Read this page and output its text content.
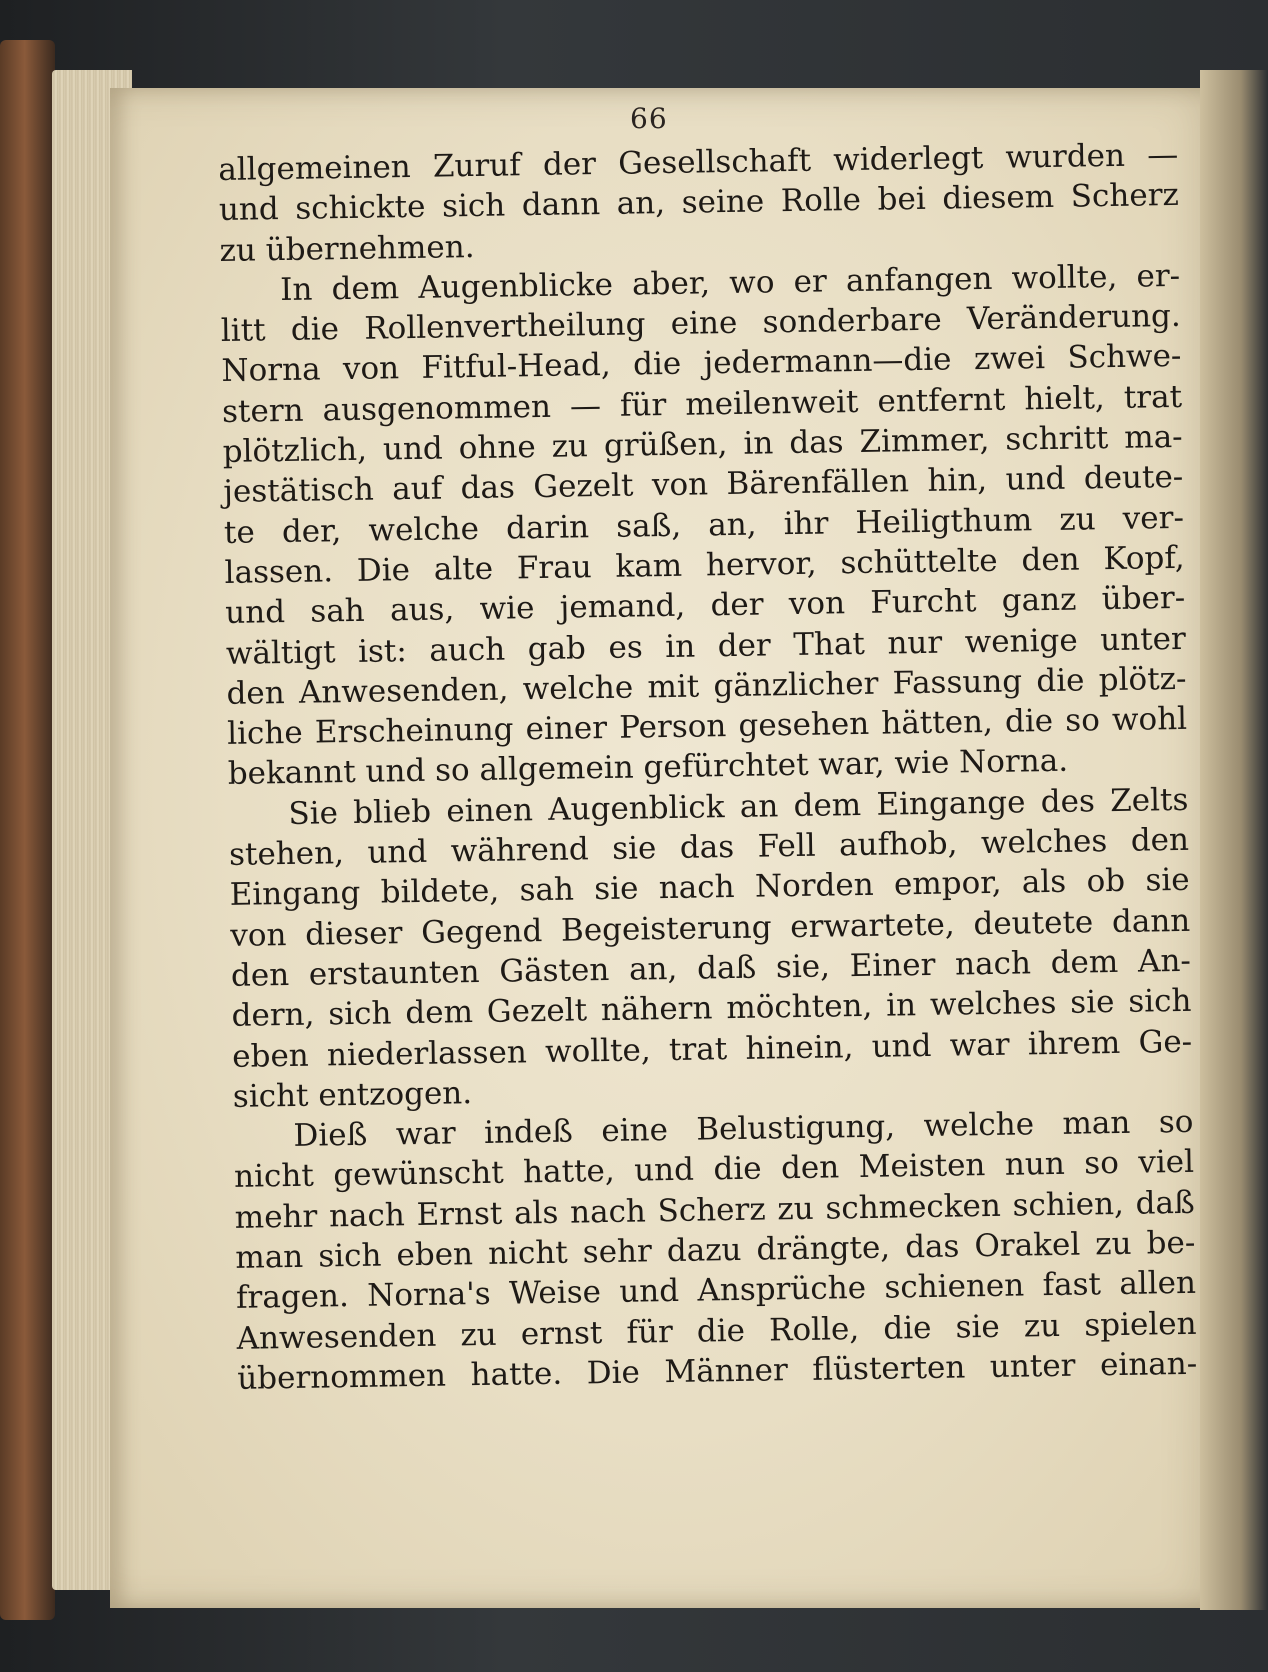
66
allgemeinen Zuruf der Gesellschaft widerlegt wurden —
und schickte sich dann an, seine Rolle bei diesem Scherz
zu übernehmen.
In dem Augenblicke aber, wo er anfangen wollte, er-
litt die Rollenvertheilung eine sonderbare Veränderung.
Norna von Fitful-Head, die jedermann—die zwei Schwe-
stern ausgenommen — für meilenweit entfernt hielt, trat
plötzlich, und ohne zu grüßen, in das Zimmer, schritt ma-
jestätisch auf das Gezelt von Bärenfällen hin, und deute-
te der, welche darin saß, an, ihr Heiligthum zu ver-
lassen. Die alte Frau kam hervor, schüttelte den Kopf,
und sah aus, wie jemand, der von Furcht ganz über-
wältigt ist: auch gab es in der That nur wenige unter
den Anwesenden, welche mit gänzlicher Fassung die plötz-
liche Erscheinung einer Person gesehen hätten, die so wohl
bekannt und so allgemein gefürchtet war, wie Norna.
Sie blieb einen Augenblick an dem Eingange des Zelts
stehen, und während sie das Fell aufhob, welches den
Eingang bildete, sah sie nach Norden empor, als ob sie
von dieser Gegend Begeisterung erwartete, deutete dann
den erstaunten Gästen an, daß sie, Einer nach dem An-
dern, sich dem Gezelt nähern möchten, in welches sie sich
eben niederlassen wollte, trat hinein, und war ihrem Ge-
sicht entzogen.
Dieß war indeß eine Belustigung, welche man so
nicht gewünscht hatte, und die den Meisten nun so viel
mehr nach Ernst als nach Scherz zu schmecken schien, daß
man sich eben nicht sehr dazu drängte, das Orakel zu be-
fragen. Norna's Weise und Ansprüche schienen fast allen
Anwesenden zu ernst für die Rolle, die sie zu spielen
übernommen hatte. Die Männer flüsterten unter einan-
